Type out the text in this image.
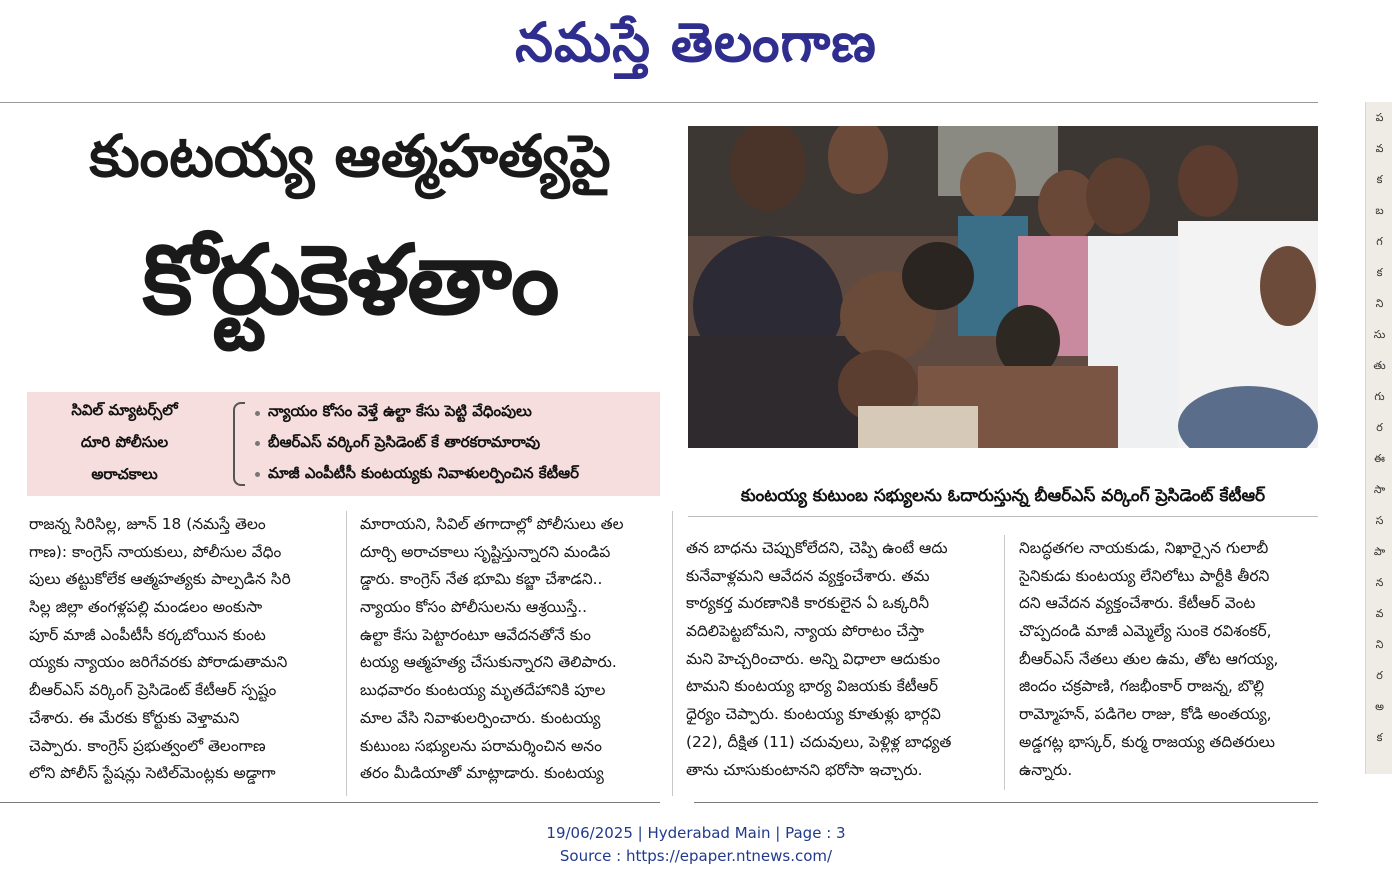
నమస్తే తెలంగాణ
కుంటయ్య ఆత్మహత్యపై
కోర్టుకెళతాం
సివిల్ మ్యాటర్స్‌లో
దూరి పోలీసుల
అరాచకాలు
న్యాయం కోసం వెళ్తే ఉల్టా కేసు పెట్టి వేధింపులు
బీఆర్ఎస్ వర్కింగ్ ప్రెసిడెంట్ కే తారకరామారావు
మాజీ ఎంపీటీసీ కుంటయ్యకు నివాళులర్పించిన కేటీఆర్
కుంటయ్య కుటుంబ సభ్యులను ఓదారుస్తున్న బీఆర్ఎస్ వర్కింగ్ ప్రెసిడెంట్ కేటీఆర్
రాజన్న సిరిసిల్ల, జూన్ 18 (నమస్తే తెలం
గాణ): కాంగ్రెస్ నాయకులు, పోలీసుల వేధిం
పులు తట్టుకోలేక ఆత్మహత్యకు పాల్పడిన సిరి
సిల్ల జిల్లా తంగళ్లపల్లి మండలం అంకుసా
పూర్ మాజీ ఎంపీటీసీ కర్కబోయిన కుంట
య్యకు న్యాయం జరిగేవరకు పోరాడుతామని
బీఆర్ఎస్ వర్కింగ్ ప్రెసిడెంట్ కేటీఆర్ స్పష్టం
చేశారు. ఈ మేరకు కోర్టుకు వెళ్తామని
చెప్పారు. కాంగ్రెస్ ప్రభుత్వంలో తెలంగాణ
లోని పోలీస్ స్టేషన్లు సెటిల్‌మెంట్లకు అడ్డాగా
మారాయని, సివిల్ తగాదాల్లో పోలీసులు తల
దూర్చి అరాచకాలు సృష్టిస్తున్నారని మండిప
డ్డారు. కాంగ్రెస్ నేత భూమి కబ్జా చేశాడని..
న్యాయం కోసం పోలీసులను ఆశ్రయిస్తే..
ఉల్టా కేసు పెట్టారంటూ ఆవేదనతోనే కుం
టయ్య ఆత్మహత్య చేసుకున్నారని తెలిపారు.
బుధవారం కుంటయ్య మృతదేహానికి పూల
మాల వేసి నివాళులర్పించారు. కుంటయ్య
కుటుంబ సభ్యులను పరామర్శించిన అనం
తరం మీడియాతో మాట్లాడారు. కుంటయ్య
తన బాధను చెప్పుకోలేదని, చెప్పి ఉంటే ఆదు
కునేవాళ్లమని ఆవేదన వ్యక్తంచేశారు. తమ
కార్యకర్త మరణానికి కారకులైన ఏ ఒక్కరినీ
వదిలిపెట్టబోమని, న్యాయ పోరాటం చేస్తా
మని హెచ్చరించారు. అన్ని విధాలా ఆదుకుం
టామని కుంటయ్య భార్య విజయకు కేటీఆర్
ధైర్యం చెప్పారు. కుంటయ్య కూతుళ్లు భార్గవి
(22), దీక్షిత (11) చదువులు, పెళ్లిళ్ల బాధ్యత
తాను చూసుకుంటానని భరోసా ఇచ్చారు.
నిబద్ధతగల నాయకుడు, నిఖార్సైన గులాబీ
సైనికుడు కుంటయ్య లేనిలోటు పార్టీకి తీరని
దని ఆవేదన వ్యక్తంచేశారు. కేటీఆర్ వెంట
చొప్పదండి మాజీ ఎమ్మెల్యే సుంకె రవిశంకర్,
బీఆర్ఎస్ నేతలు తుల ఉమ, తోట ఆగయ్య,
జిందం చక్రపాణి, గజభీంకార్ రాజన్న, బొల్లి
రామ్మోహన్, పడిగెల రాజు, కోడి అంతయ్య,
అడ్డగట్ల భాస్కర్, కుర్మ రాజయ్య తదితరులు
ఉన్నారు.
ప
వ
క
బ
గ
క
ని
సు
తు
గు
ర
ఈ
సా
స
పా
న
వ
ని
ర
అ
క
19/06/2025 | Hyderabad Main | Page : 3
Source : https://epaper.ntnews.com/
